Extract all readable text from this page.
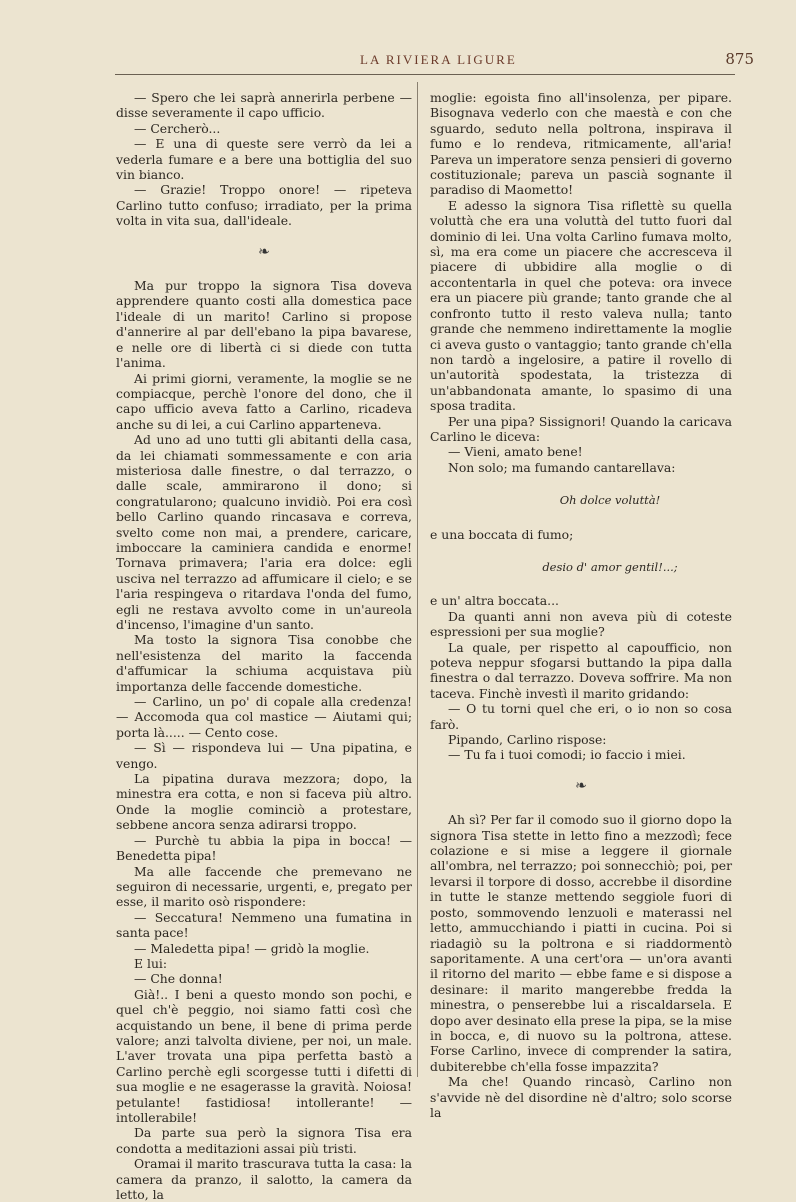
LA RIVIERA LIGURE	875

— Spero che lei saprà annerirla perbene — disse severamente il capo ufficio.

— Cercherò...

— E una di queste sere verrò da lei a vederla fumare e a bere una bottiglia del suo vin bianco.

— Grazie! Troppo onore! — ripeteva Carlino tutto confuso; irradiato, per la prima volta in vita sua, dall'ideale.

❧

Ma pur troppo la signora Tisa doveva apprendere quanto costi alla domestica pace l'ideale di un marito! Carlino si propose d'annerire al par dell'ebano la pipa bavarese, e nelle ore di libertà ci si diede con tutta l'anima.

Ai primi giorni, veramente, la moglie se ne compiacque, perchè l'onore del dono, che il capo ufficio aveva fatto a Carlino, ricadeva anche su di lei, a cui Carlino apparteneva.

Ad uno ad uno tutti gli abitanti della casa, da lei chiamati sommessamente e con aria misteriosa dalle finestre, o dal terrazzo, o dalle scale, ammirarono il dono; si congratularono; qualcuno invidiò. Poi era così bello Carlino quando rincasava e correva, svelto come non mai, a prendere, caricare, imboccare la caminiera candida e enorme! Tornava primavera; l'aria era dolce: egli usciva nel terrazzo ad affumicare il cielo; e se l'aria respingeva o ritardava l'onda del fumo, egli ne restava avvolto come in un'aureola d'incenso, l'imagine d'un santo.

Ma tosto la signora Tisa conobbe che nell'esistenza del marito la faccenda d'affumicar la schiuma acquistava più importanza delle faccende domestiche.

— Carlino, un po' di copale alla credenza! — Accomoda qua col mastice — Aiutami qui; porta là..... — Cento cose.

— Sì — rispondeva lui — Una pipatina, e vengo.

La pipatina durava mezzora; dopo, la minestra era cotta, e non si faceva più altro. Onde la moglie cominciò a protestare, sebbene ancora senza adirarsi troppo.

— Purchè tu abbia la pipa in bocca! — Benedetta pipa!

Ma alle faccende che premevano ne seguiron di necessarie, urgenti, e, pregato per esse, il marito osò rispondere:

— Seccatura! Nemmeno una fumatina in santa pace!

— Maledetta pipa! — gridò la moglie.

E lui:

— Che donna!

Già!.. I beni a questo mondo son pochi, e quel ch'è peggio, noi siamo fatti così che acquistando un bene, il bene di prima perde valore; anzi talvolta diviene, per noi, un male. L'aver trovata una pipa perfetta bastò a Carlino perchè egli scorgesse tutti i difetti di sua moglie e ne esagerasse la gravità. Noiosa! petulante! fastidiosa! intollerante! — intollerabile!

Da parte sua però la signora Tisa era condotta a meditazioni assai più tristi.

Oramai il marito trascurava tutta la casa: la camera da pranzo, il salotto, la camera da letto, la

moglie: egoista fino all'insolenza, per pipare. Bisognava vederlo con che maestà e con che sguardo, seduto nella poltrona, inspirava il fumo e lo rendeva, ritmicamente, all'aria! Pareva un imperatore senza pensieri di governo costituzionale; pareva un pascià sognante il paradiso di Maometto!

E adesso la signora Tisa riflettè su quella voluttà che era una voluttà del tutto fuori dal dominio di lei. Una volta Carlino fumava molto, sì, ma era come un piacere che accresceva il piacere di ubbidire alla moglie o di accontentarla in quel che poteva: ora invece era un piacere più grande; tanto grande che al confronto tutto il resto valeva nulla; tanto grande che nemmeno indirettamente la moglie ci aveva gusto o vantaggio; tanto grande ch'ella non tardò a ingelosire, a patire il rovello di un'autorità spodestata, la tristezza di un'abbandonata amante, lo spasimo di una sposa tradita.

Per una pipa? Sissignori! Quando la caricava Carlino le diceva:

— Vieni, amato bene!

Non solo; ma fumando cantarellava:

Oh dolce voluttà!

e una boccata di fumo;

desio d' amor gentil!...;

e un' altra boccata...

Da quanti anni non aveva più di coteste espressioni per sua moglie?

La quale, per rispetto al capoufficio, non poteva neppur sfogarsi buttando la pipa dalla finestra o dal terrazzo. Doveva soffrire. Ma non taceva. Finchè investì il marito gridando:

— O tu torni quel che eri, o io non so cosa farò.

Pipando, Carlino rispose:

— Tu fa i tuoi comodi; io faccio i miei.

❧

Ah sì? Per far il comodo suo il giorno dopo la signora Tisa stette in letto fino a mezzodì; fece colazione e si mise a leggere il giornale all'ombra, nel terrazzo; poi sonnecchiò; poi, per levarsi il torpore di dosso, accrebbe il disordine in tutte le stanze mettendo seggiole fuori di posto, sommovendo lenzuoli e materassi nel letto, ammucchiando i piatti in cucina. Poi si riadagiò su la poltrona e si riaddormentò saporitamente. A una cert'ora — un'ora avanti il ritorno del marito — ebbe fame e si dispose a desinare: il marito mangerebbe fredda la minestra, o penserebbe lui a riscaldarsela. E dopo aver desinato ella prese la pipa, se la mise in bocca, e, di nuovo su la poltrona, attese. Forse Carlino, invece di comprender la satira, dubiterebbe ch'ella fosse impazzita?

Ma che! Quando rincasò, Carlino non s'avvide nè del disordine nè d'altro; solo scorse la
